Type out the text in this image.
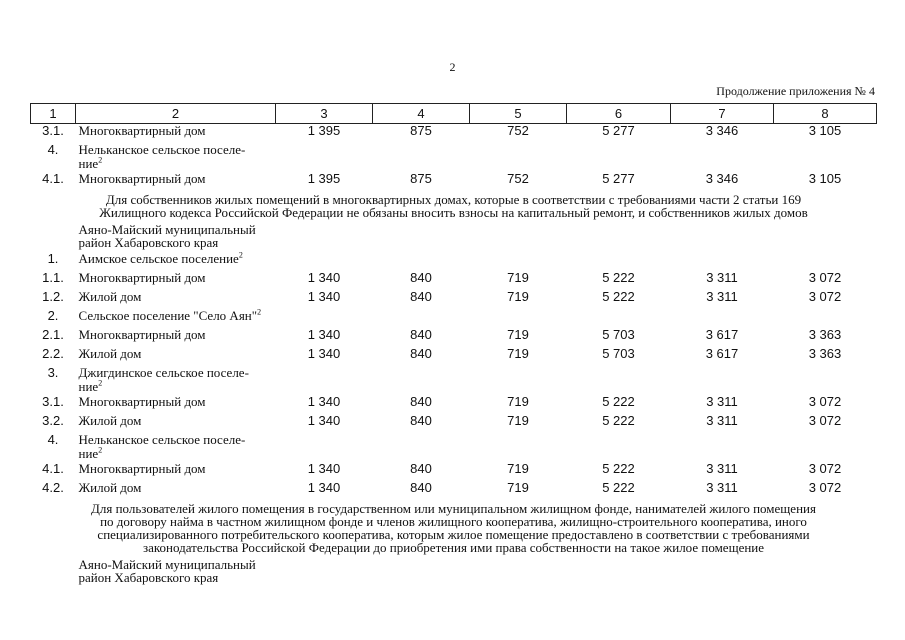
2
Продолжение приложения № 4
1	2	3	4	5	6	7	8
3.1.	Многоквартирный дом	1 395	875	752	5 277	3 346	3 105
4.	Нельканское сельское поселе-
ние$^2$	
4.1.	Многоквартирный дом	1 395	875	752	5 277	3 346	3 105
Для собственников жилых помещений в многоквартирных домах, которые в соответствии с требованиями части 2 статьи 169
Жилищного кодекса Российской Федерации не обязаны вносить взносы на капитальный ремонт, и собственников жилых домов							
	Аяно-Майский муниципальный
район Хабаровского края						
1.	Аимское сельское поселение$^2$
1.1.	Многоквартирный дом	1 340	840	719	5 222	3 311	3 072
1.2.	Жилой дом	1 340	840	719	5 222	3 311	3 072
2.	Сельское поселение "Село Аян"$^2$
2.1.	Многоквартирный дом	1 340	840	719	5 703	3 617	3 363
2.2.	Жилой дом	1 340	840	719	5 703	3 617	3 363
3.	Джигдинское сельское поселе-
ние$^2$	
3.1.	Многоквартирный дом	1 340	840	719	5 222	3 311	3 072
3.2.	Жилой дом	1 340	840	719	5 222	3 311	3 072
4.	Нельканское сельское поселе-
ние$^2$	
4.1.	Многоквартирный дом	1 340	840	719	5 222	3 311	3 072
4.2.	Жилой дом	1 340	840	719	5 222	3 311	3 072
Для пользователей жилого помещения в государственном или муниципальном жилищном фонде, нанимателей жилого помещения
по договору найма в частном жилищном фонде и членов жилищного кооператива, жилищно-строительного кооператива, иного
специализированного потребительского кооператива, которым жилое помещение предоставлено в соответствии с требованиями
законодательства Российской Федерации до приобретения ими права собственности на такое жилое помещение							
	Аяно-Майский муниципальный
район Хабаровского края						
